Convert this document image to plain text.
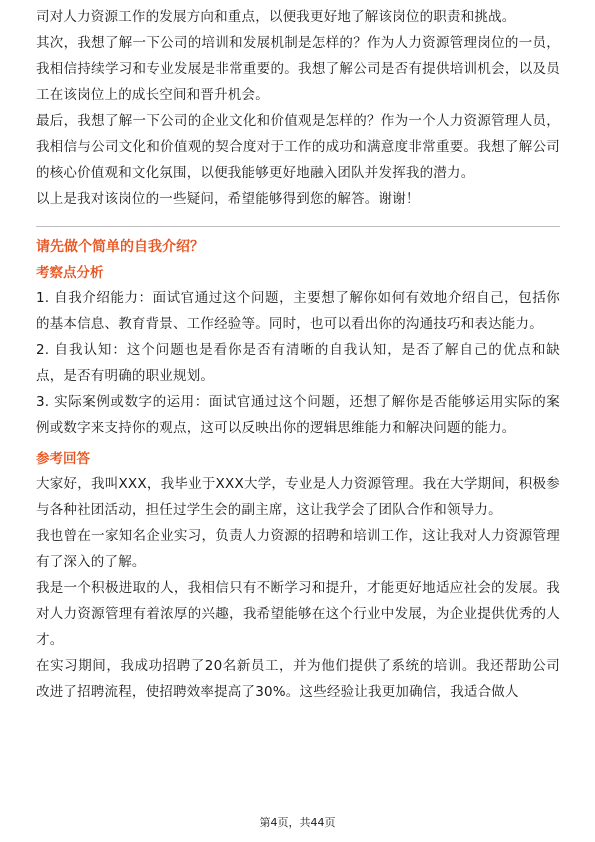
司对人力资源工作的发展方向和重点，以便我更好地了解该岗位的职责和挑战。

其次，我想了解一下公司的培训和发展机制是怎样的？作为人力资源管理岗位的一员，我相信持续学习和专业发展是非常重要的。我想了解公司是否有提供培训机会，以及员工在该岗位上的成长空间和晋升机会。

最后，我想了解一下公司的企业文化和价值观是怎样的？作为一个人力资源管理人员，我相信与公司文化和价值观的契合度对于工作的成功和满意度非常重要。我想了解公司的核心价值观和文化氛围，以便我能够更好地融入团队并发挥我的潜力。

以上是我对该岗位的一些疑问，希望能够得到您的解答。谢谢！

请先做个简单的自我介绍？
考察点分析

1. 自我介绍能力：面试官通过这个问题，主要想了解你如何有效地介绍自己，包括你的基本信息、教育背景、工作经验等。同时，也可以看出你的沟通技巧和表达能力。

2. 自我认知：这个问题也是看你是否有清晰的自我认知，是否了解自己的优点和缺点，是否有明确的职业规划。

3. 实际案例或数字的运用：面试官通过这个问题，还想了解你是否能够运用实际的案例或数字来支持你的观点，这可以反映出你的逻辑思维能力和解决问题的能力。

参考回答

大家好，我叫XXX，我毕业于XXX大学，专业是人力资源管理。我在大学期间，积极参与各种社团活动，担任过学生会的副主席，这让我学会了团队合作和领导力。

我也曾在一家知名企业实习，负责人力资源的招聘和培训工作，这让我对人力资源管理有了深入的了解。

我是一个积极进取的人，我相信只有不断学习和提升，才能更好地适应社会的发展。我对人力资源管理有着浓厚的兴趣，我希望能够在这个行业中发展，为企业提供优秀的人才。

在实习期间，我成功招聘了20名新员工，并为他们提供了系统的培训。我还帮助公司改进了招聘流程，使招聘效率提高了30%。这些经验让我更加确信，我适合做人

第4页，共44页
